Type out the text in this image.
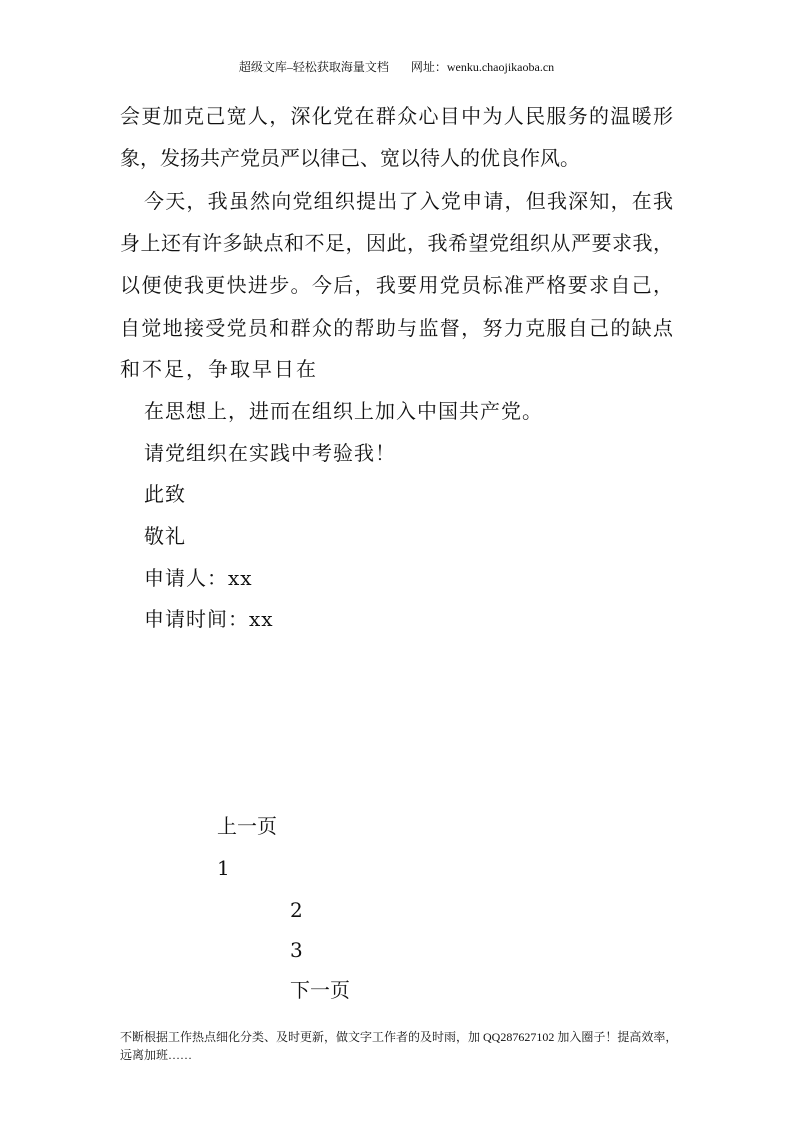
超级文库–轻松获取海量文档 网址：wenku.chaojikaoba.cn
会更加克己宽人，深化党在群众心目中为人民服务的温暖形
象，发扬共产党员严以律己、宽以待人的优良作风。
今天，我虽然向党组织提出了入党申请，但我深知，在我
身上还有许多缺点和不足，因此，我希望党组织从严要求我，
以便使我更快进步。今后，我要用党员标准严格要求自己，
自觉地接受党员和群众的帮助与监督，努力克服自己的缺点
和不足，争取早日在
在思想上，进而在组织上加入中国共产党。
请党组织在实践中考验我！
此致
敬礼
申请人：xx
申请时间：xx
上一页
1
2
3
下一页
不断根据工作热点细化分类、及时更新，做文字工作者的及时雨，加 QQ287627102 加入圈子！提高效率，远离加班……
